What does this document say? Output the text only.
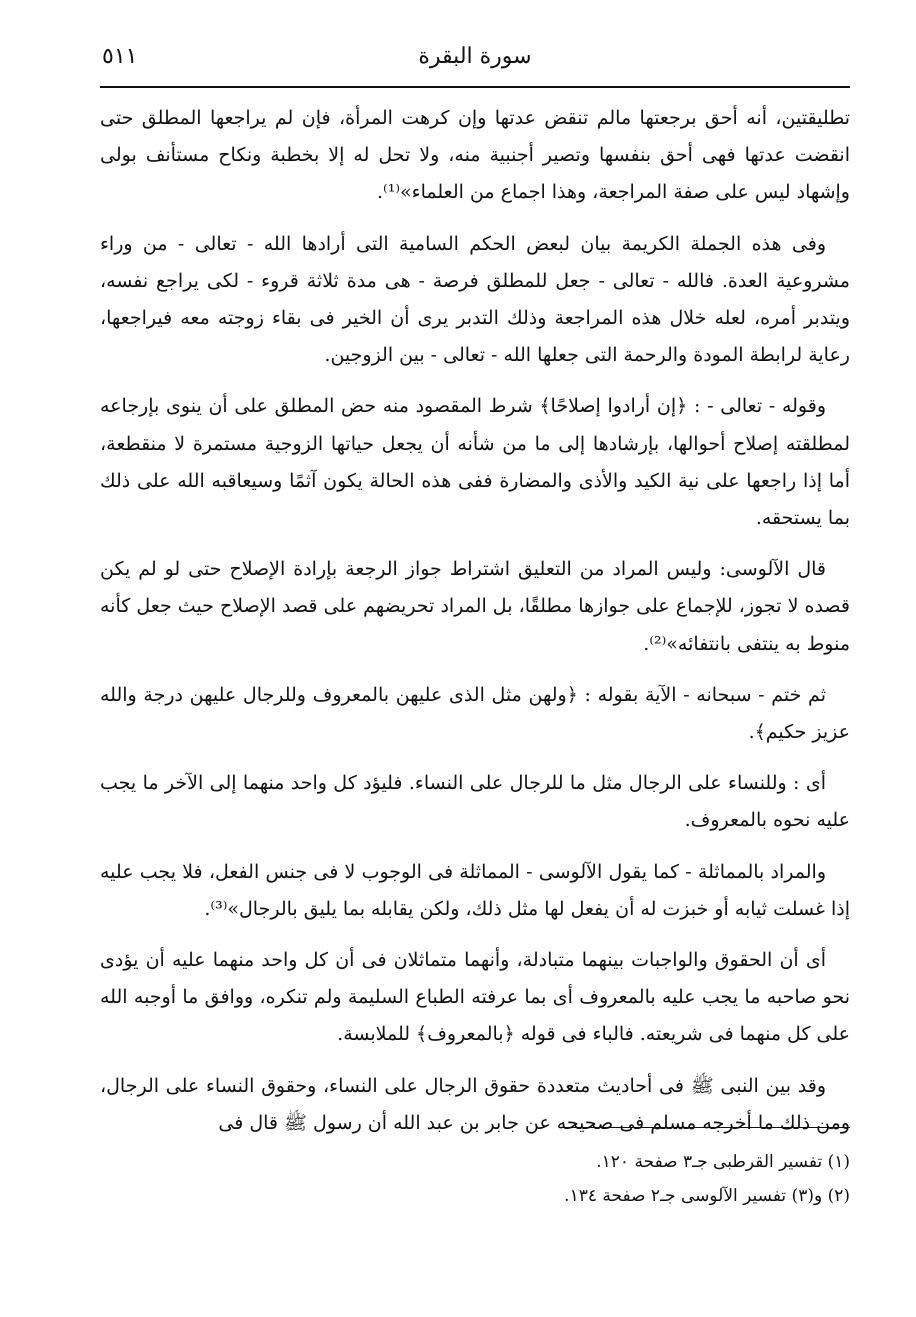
سورة البقرة
٥١١

تطليقتين، أنه أحق برجعتها مالم تنقض عدتها وإن كرهت المرأة، فإن لم يراجعها المطلق حتى انقضت عدتها فهى أحق بنفسها وتصير أجنبية منه، ولا تحل له إلا بخطبة ونكاح مستأنف بولى وإشهاد ليس على صفة المراجعة، وهذا اجماع من العلماء»⁽¹⁾.

وفى هذه الجملة الكريمة بيان لبعض الحكم السامية التى أرادها الله - تعالى - من وراء مشروعية العدة. فالله - تعالى - جعل للمطلق فرصة - هى مدة ثلاثة قروء - لكى يراجع نفسه، ويتدبر أمره، لعله خلال هذه المراجعة وذلك التدبر يرى أن الخير فى بقاء زوجته معه فيراجعها، رعاية لرابطة المودة والرحمة التى جعلها الله - تعالى - بين الزوجين.

وقوله - تعالى - : ﴿إن أرادوا إصلاحًا﴾ شرط المقصود منه حض المطلق على أن ينوى بإرجاعه لمطلقته إصلاح أحوالها، بإرشادها إلى ما من شأنه أن يجعل حياتها الزوجية مستمرة لا منقطعة، أما إذا راجعها على نية الكيد والأذى والمضارة ففى هذه الحالة يكون آثمًا وسيعاقبه الله على ذلك بما يستحقه.

قال الآلوسى: وليس المراد من التعليق اشتراط جواز الرجعة بإرادة الإصلاح حتى لو لم يكن قصده لا تجوز، للإجماع على جوازها مطلقًا، بل المراد تحريضهم على قصد الإصلاح حيث جعل كأنه منوط به ينتفى بانتفائه»⁽²⁾.

ثم ختم - سبحانه - الآية بقوله : ﴿ولهن مثل الذى عليهن بالمعروف وللرجال عليهن درجة والله عزيز حكيم﴾.

أى : وللنساء على الرجال مثل ما للرجال على النساء. فليؤد كل واحد منهما إلى الآخر ما يجب عليه نحوه بالمعروف.

والمراد بالمماثلة - كما يقول الآلوسى - المماثلة فى الوجوب لا فى جنس الفعل، فلا يجب عليه إذا غسلت ثيابه أو خبزت له أن يفعل لها مثل ذلك، ولكن يقابله بما يليق بالرجال»⁽³⁾.

أى أن الحقوق والواجبات بينهما متبادلة، وأنهما متماثلان فى أن كل واحد منهما عليه أن يؤدى نحو صاحبه ما يجب عليه بالمعروف أى بما عرفته الطباع السليمة ولم تنكره، ووافق ما أوجبه الله على كل منهما فى شريعته. فالباء فى قوله ﴿بالمعروف﴾ للملابسة.

وقد بين النبى ﷺ فى أحاديث متعددة حقوق الرجال على النساء، وحقوق النساء على الرجال، ومن ذلك ما أخرجه مسلم فى صحيحه عن جابر بن عبد الله أن رسول ﷺ قال فى

(١) تفسير القرطبى جـ٣ صفحة ١٢٠.

(٢) و(٣) تفسير الآلوسى جـ٢ صفحة ١٣٤.
